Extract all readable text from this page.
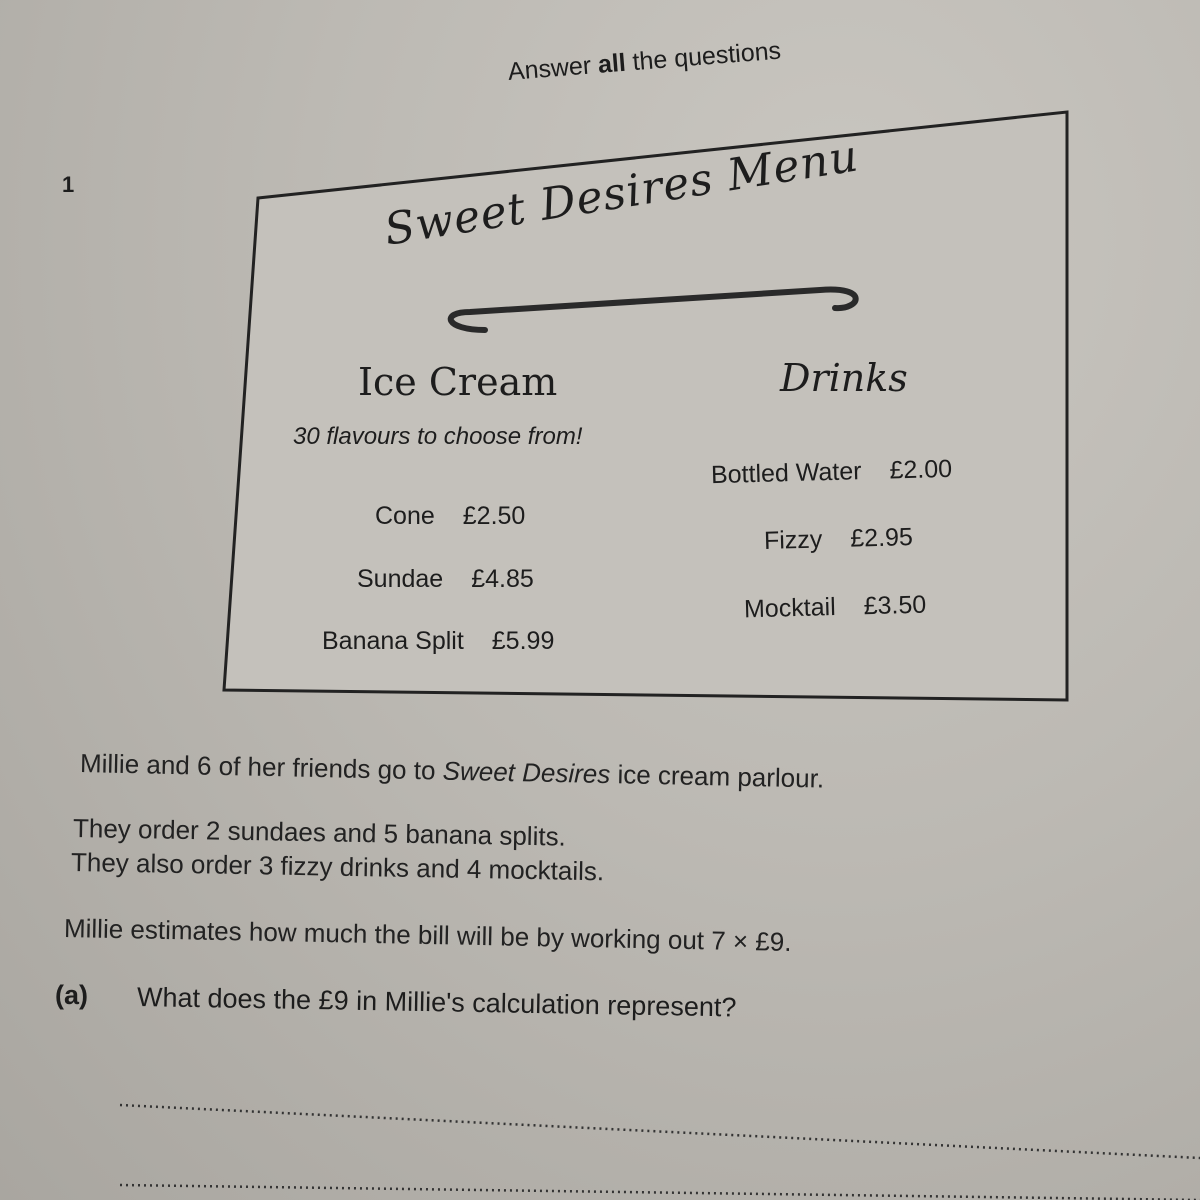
Answer all the questions
1	Sweet Desires Menu
Ice Cream	Drinks
30 flavours to choose from!
Cone £2.50
Sundae £4.85
Banana Split £5.99
Bottled Water £2.00
Fizzy £2.95
Mocktail £3.50
Millie and 6 of her friends go to Sweet Desires ice cream parlour.
They order 2 sundaes and 5 banana splits.
They also order 3 fizzy drinks and 4 mocktails.
Millie estimates how much the bill will be by working out 7 × £9.
(a) What does the £9 in Millie's calculation represent?
